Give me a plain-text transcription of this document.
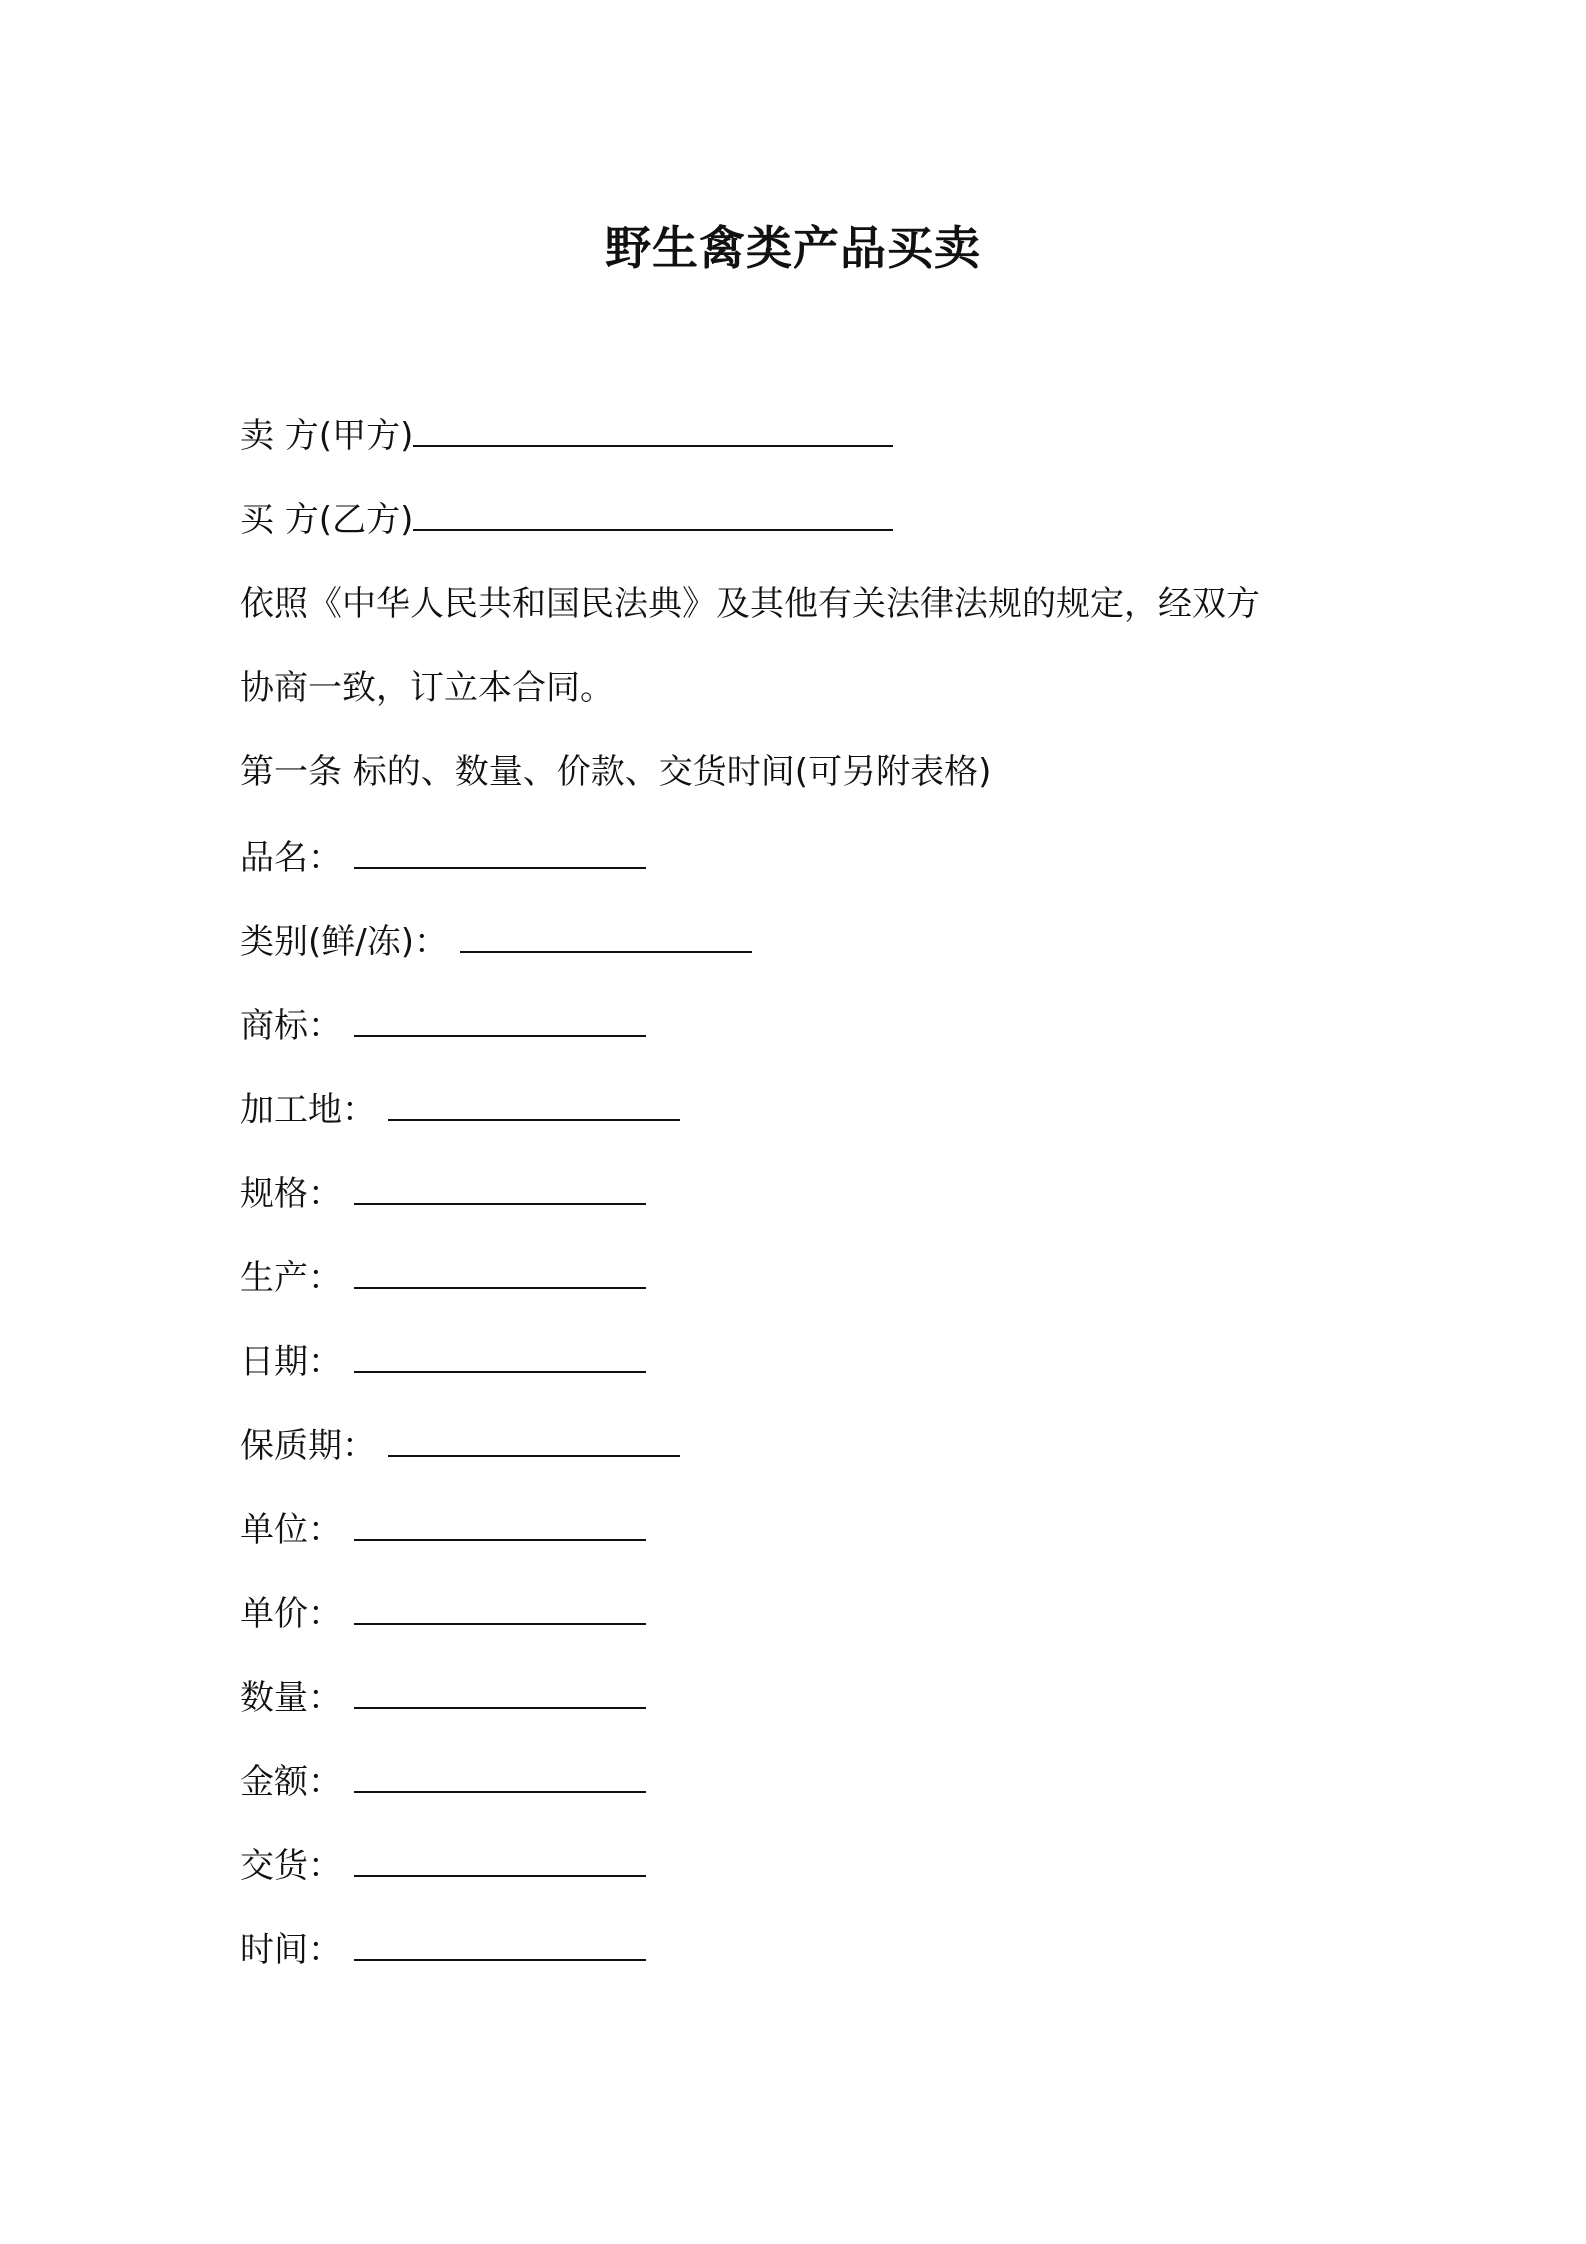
野生禽类产品买卖
卖 方(甲方)
买 方(乙方)
依照《中华人民共和国民法典》及其他有关法律法规的规定，经双方
协商一致，订立本合同。
第一条 标的、数量、价款、交货时间(可另附表格)
品名：
类别(鲜/冻)：
商标：
加工地：
规格：
生产：
日期：
保质期：
单位：
单价：
数量：
金额：
交货：
时间：
